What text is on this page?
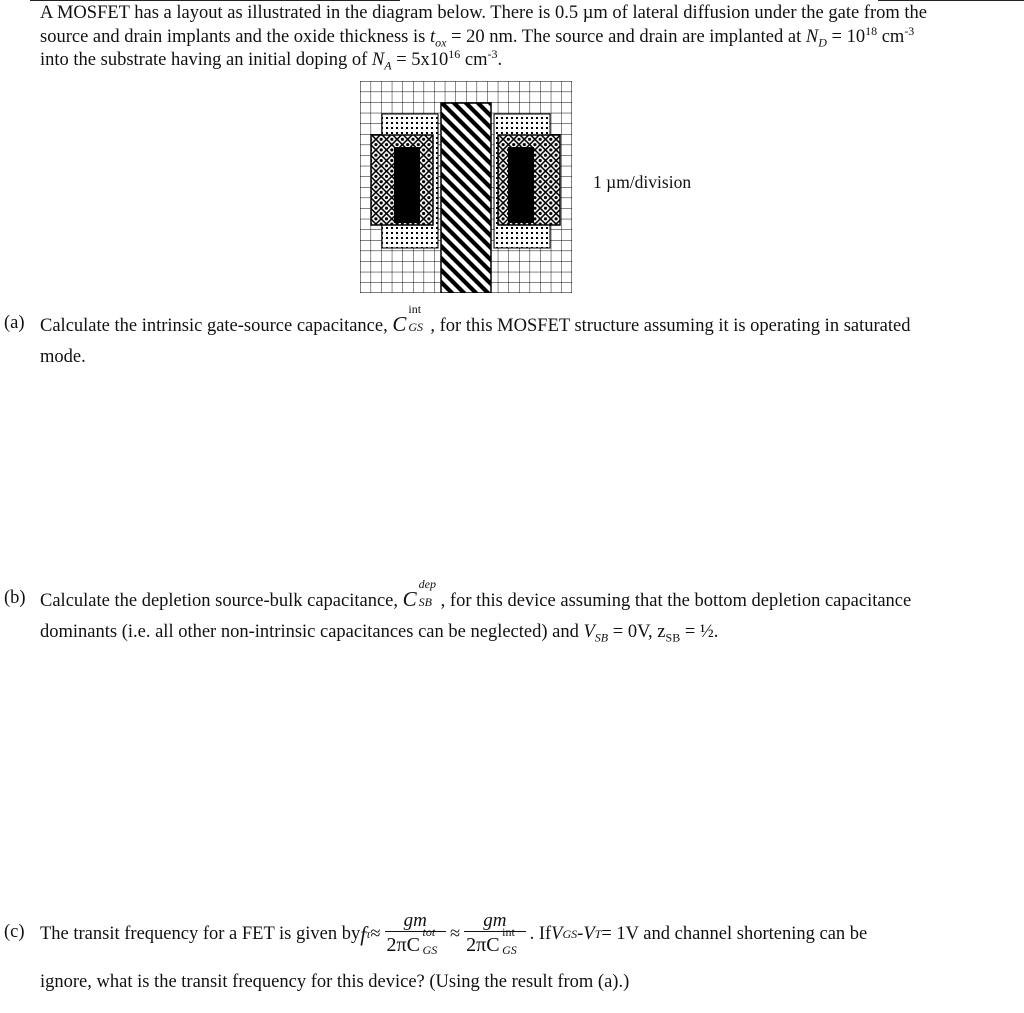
A MOSFET has a layout as illustrated in the diagram below. There is 0.5 µm of lateral diffusion under the gate from the
source and drain implants and the oxide thickness is $t_{ox} = 20$ nm. The source and drain are implanted at $N_D = 10^{18}$ $cm^{-3}$
into the substrate having an initial doping of $N_A = 5x10^{16}$ $cm^{-3}$.
1 µm/division
(a) Calculate the intrinsic gate-source capacitance, C
int
GS , for this MOSFET structure assuming it is operating in saturated
mode.
(b) Calculate the depletion source-bulk capacitance, C
dep
SB , for this device assuming that the bottom depletion capacitance
dominants (i.e. all other non-intrinsic capacitances can be neglected) and $V_{SB} = 0V$, $z_{SB}$ = ½.
(c) The transit frequency for a FET is given by f τ ≈ gm
2πC
tot
GS ≈ gm
2πC
int
GS . If V GS - V T = 1V and channel shortening can be
ignore, what is the transit frequency for this device? (Using the result from (a).)
